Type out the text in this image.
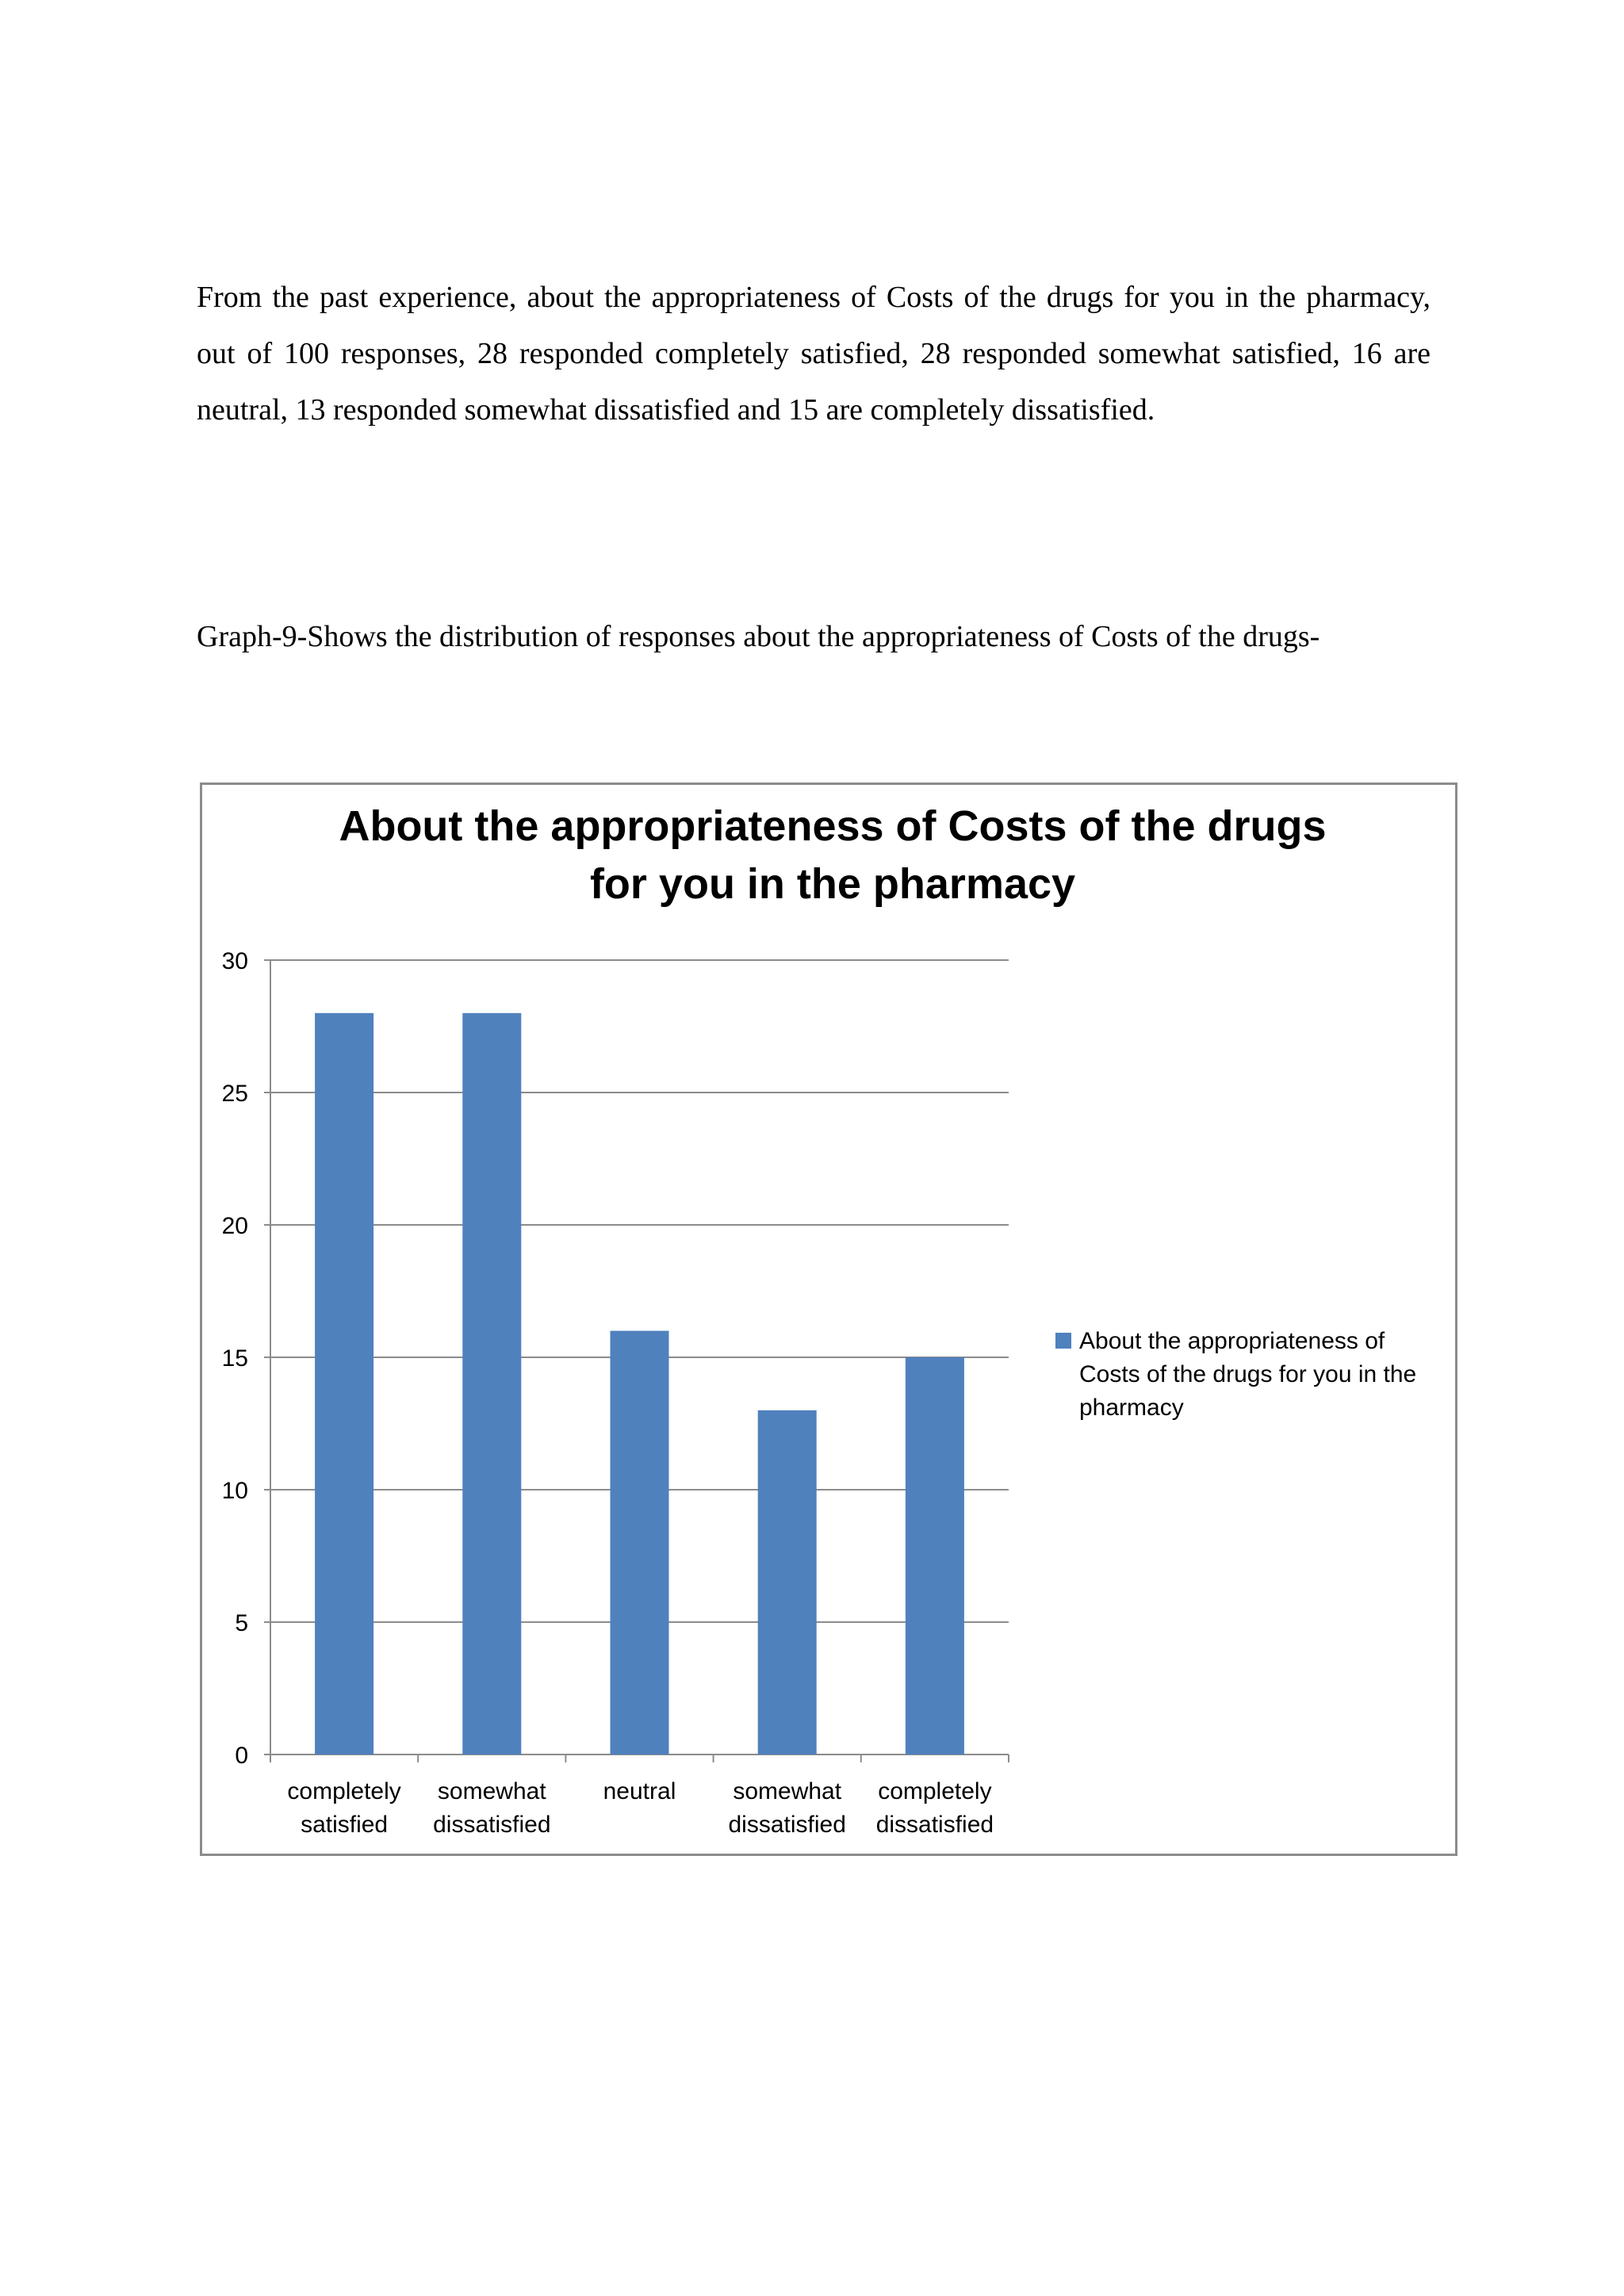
From the past experience, about the appropriateness of Costs of the drugs for you in the pharmacy, out of 100 responses, 28 responded completely satisfied, 28 responded somewhat satisfied, 16 are neutral, 13 responded somewhat dissatisfied and 15 are completely dissatisfied.

Graph-9-Shows the distribution of responses about the appropriateness of Costs of the drugs-

About the appropriateness of Costs of the drugs
for you in the pharmacy
0
5
10
15
20
25
30
completely
satisfied
somewhat
dissatisfied
neutral somewhat
dissatisfied
completely
dissatisfied
About the appropriateness of
Costs of the drugs for you in the
pharmacy
